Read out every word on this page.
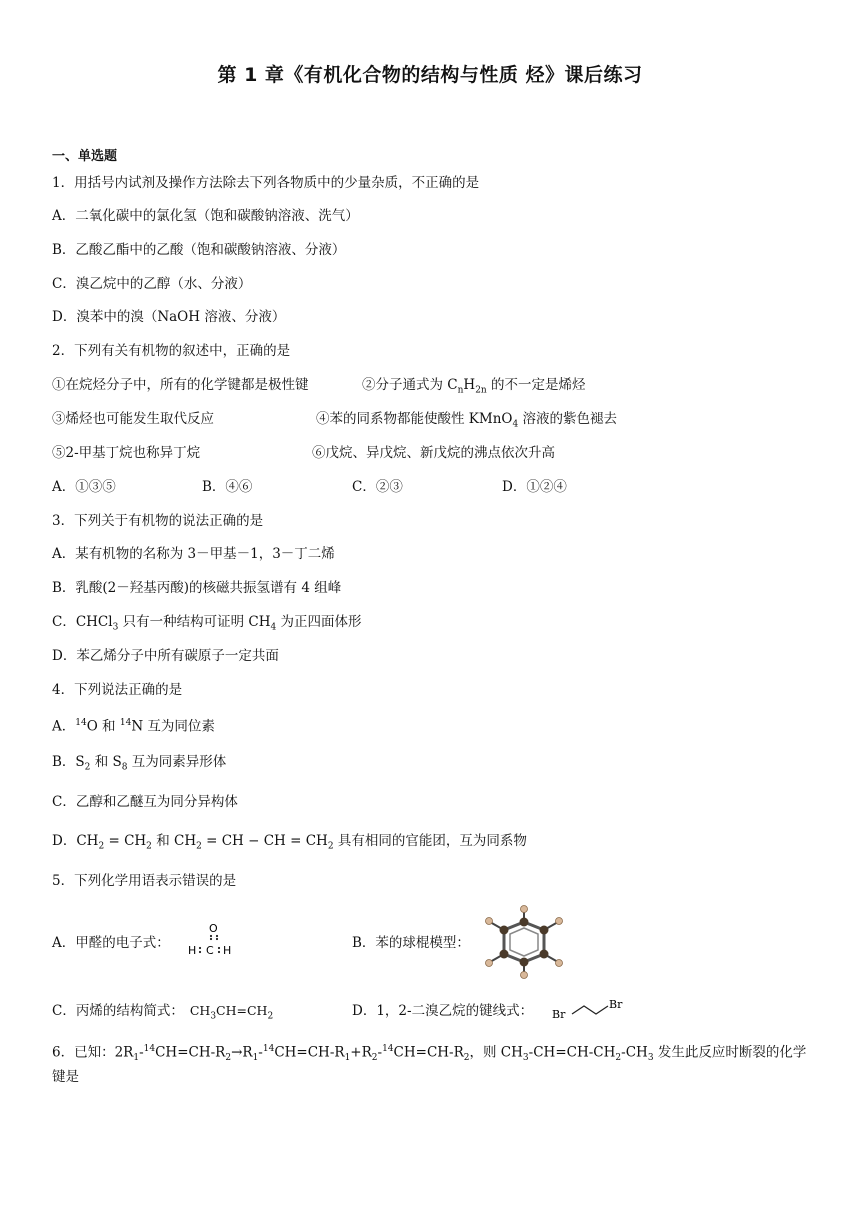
第 1 章《有机化合物的结构与性质 烃》课后练习
一、单选题
1．用括号内试剂及操作方法除去下列各物质中的少量杂质，不正确的是
A．二氧化碳中的氯化氢（饱和碳酸钠溶液、洗气）
B．乙酸乙酯中的乙酸（饱和碳酸钠溶液、分液）
C．溴乙烷中的乙醇（水、分液）
D．溴苯中的溴（NaOH 溶液、分液）
2．下列有关有机物的叙述中，正确的是
①在烷烃分子中，所有的化学键都是极性键	②分子通式为 $C_nH_{2n}$ 的不一定是烯烃
③烯烃也可能发生取代反应	④苯的同系物都能使酸性 KMnO$_4$ 溶液的紫色褪去
⑤2-甲基丁烷也称异丁烷	⑥戊烷、异戊烷、新戊烷的沸点依次升高
A．①③⑤	B．④⑥	C．②③	D．①②④
3．下列关于有机物的说法正确的是
A．某有机物的名称为 3－甲基－1，3－丁二烯
B．乳酸(2－羟基丙酸)的核磁共振氢谱有 4 组峰
C．CHCl$_3$ 只有一种结构可证明 $CH_4$ 为正四面体形
D．苯乙烯分子中所有碳原子一定共面
4．下列说法正确的是
A．$^{14}$O 和 $^{14}$N 互为同位素
B．$S_2$ 和 $S_8$ 互为同素异形体
C．乙醇和乙醚互为同分异构体
D．$CH_2 = CH_2$ 和 $CH_2$ = CH − CH = $CH_2$ 具有相同的官能团，互为同系物
5．下列化学用语表示错误的是
A．甲醛的电子式：
O
H C H	B．苯的球棍模型：
C．丙烯的结构简式： $CH_3CH=CH_2$	D．1，2-二溴乙烷的键线式： Br
Br
6．已知：$2R_1-^{14}CH=CH-R_2\to R_1-^{14}CH=CH-R_1+R_2-^{14}CH=CH-R_2$，则 $CH_3-CH=CH-CH_2-CH_3$ 发生此反应时断裂的化学
键是
